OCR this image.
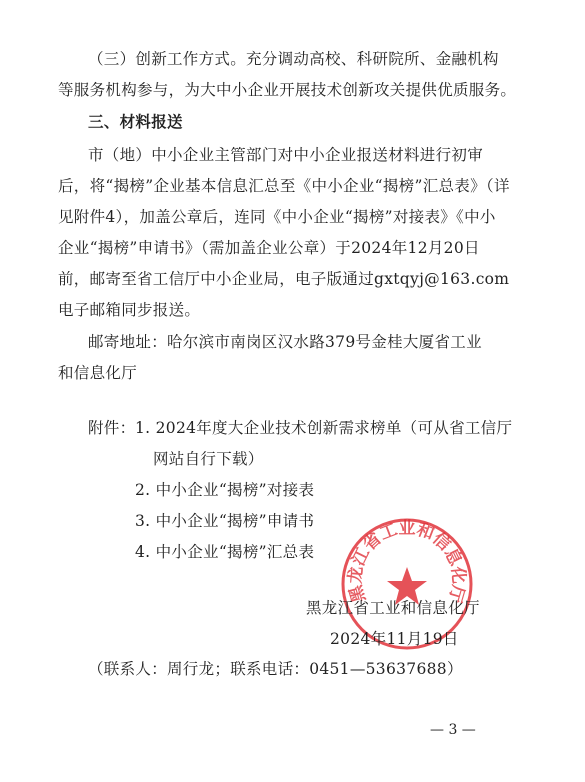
（三）创新工作方式。充分调动高校、科研院所、金融机构
等服务机构参与，为大中小企业开展技术创新攻关提供优质服务。
三、材料报送
市（地）中小企业主管部门对中小企业报送材料进行初审
后，将“揭榜”企业基本信息汇总至《中小企业“揭榜”汇总表》（详
见附件4），加盖公章后，连同《中小企业“揭榜”对接表》《中小
企业“揭榜”申请书》（需加盖企业公章）于2024年12月20日
前，邮寄至省工信厅中小企业局，电子版通过gxtqyj@163.com
电子邮箱同步报送。
邮寄地址：哈尔滨市南岗区汉水路379号金桂大厦省工业
和信息化厅
附件： 1. 2024年度大企业技术创新需求榜单（可从省工信厅
网站自行下载）
2. 中小企业“揭榜”对接表
3. 中小企业“揭榜”申请书
4. 中小企业“揭榜”汇总表
黑龙江省工业和信息化厅
黑龙江省工业和信息化厅
2024年11月19日
（联系人：周行龙；联系电话：0451—53637688）
— 3 —
